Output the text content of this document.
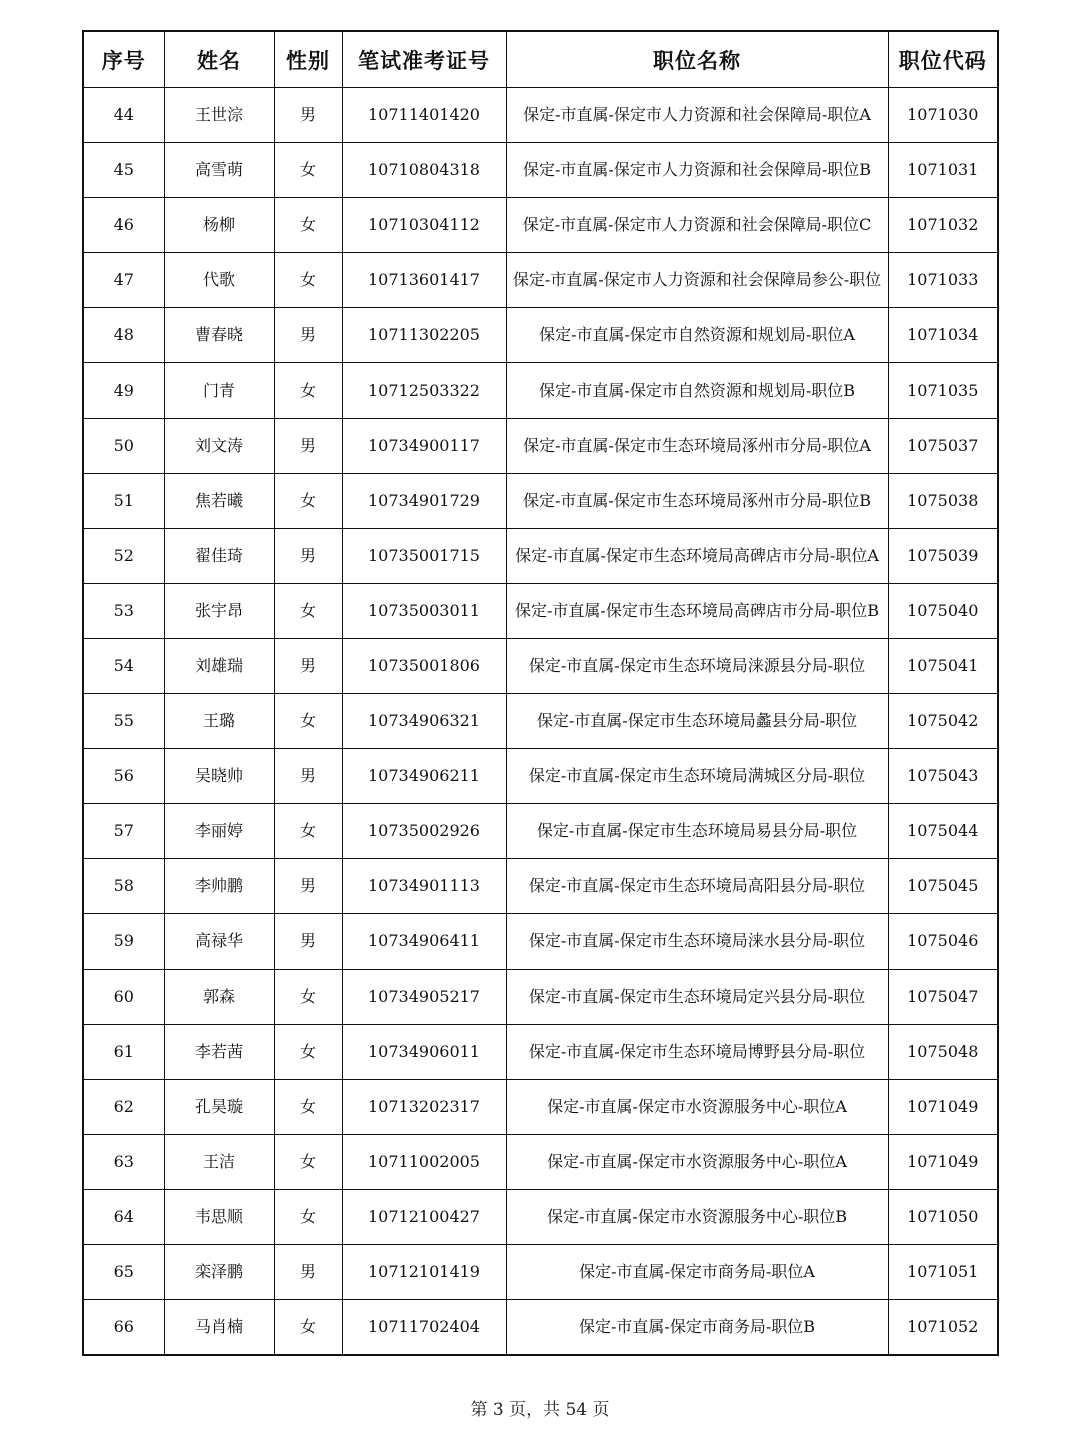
序号	姓名	性别	笔试准考证号	职位名称	职位代码
44	王世淙	男	10711401420	保定-市直属-保定市人力资源和社会保障局-职位A	1071030
45	高雪萌	女	10710804318	保定-市直属-保定市人力资源和社会保障局-职位B	1071031
46	杨柳	女	10710304112	保定-市直属-保定市人力资源和社会保障局-职位C	1071032
47	代歌	女	10713601417	保定-市直属-保定市人力资源和社会保障局参公-职位	1071033
48	曹春晓	男	10711302205	保定-市直属-保定市自然资源和规划局-职位A	1071034
49	门青	女	10712503322	保定-市直属-保定市自然资源和规划局-职位B	1071035
50	刘文涛	男	10734900117	保定-市直属-保定市生态环境局涿州市分局-职位A	1075037
51	焦若曦	女	10734901729	保定-市直属-保定市生态环境局涿州市分局-职位B	1075038
52	翟佳琦	男	10735001715	保定-市直属-保定市生态环境局高碑店市分局-职位A	1075039
53	张宇昂	女	10735003011	保定-市直属-保定市生态环境局高碑店市分局-职位B	1075040
54	刘雄瑞	男	10735001806	保定-市直属-保定市生态环境局涞源县分局-职位	1075041
55	王璐	女	10734906321	保定-市直属-保定市生态环境局蠡县分局-职位	1075042
56	吴晓帅	男	10734906211	保定-市直属-保定市生态环境局满城区分局-职位	1075043
57	李丽婷	女	10735002926	保定-市直属-保定市生态环境局易县分局-职位	1075044
58	李帅鹏	男	10734901113	保定-市直属-保定市生态环境局高阳县分局-职位	1075045
59	高禄华	男	10734906411	保定-市直属-保定市生态环境局涞水县分局-职位	1075046
60	郭森	女	10734905217	保定-市直属-保定市生态环境局定兴县分局-职位	1075047
61	李若茜	女	10734906011	保定-市直属-保定市生态环境局博野县分局-职位	1075048
62	孔昊璇	女	10713202317	保定-市直属-保定市水资源服务中心-职位A	1071049
63	王洁	女	10711002005	保定-市直属-保定市水资源服务中心-职位A	1071049
64	韦思顺	女	10712100427	保定-市直属-保定市水资源服务中心-职位B	1071050
65	栾泽鹏	男	10712101419	保定-市直属-保定市商务局-职位A	1071051
66	马肖楠	女	10711702404	保定-市直属-保定市商务局-职位B	1071052
第 3 页，共 54 页
